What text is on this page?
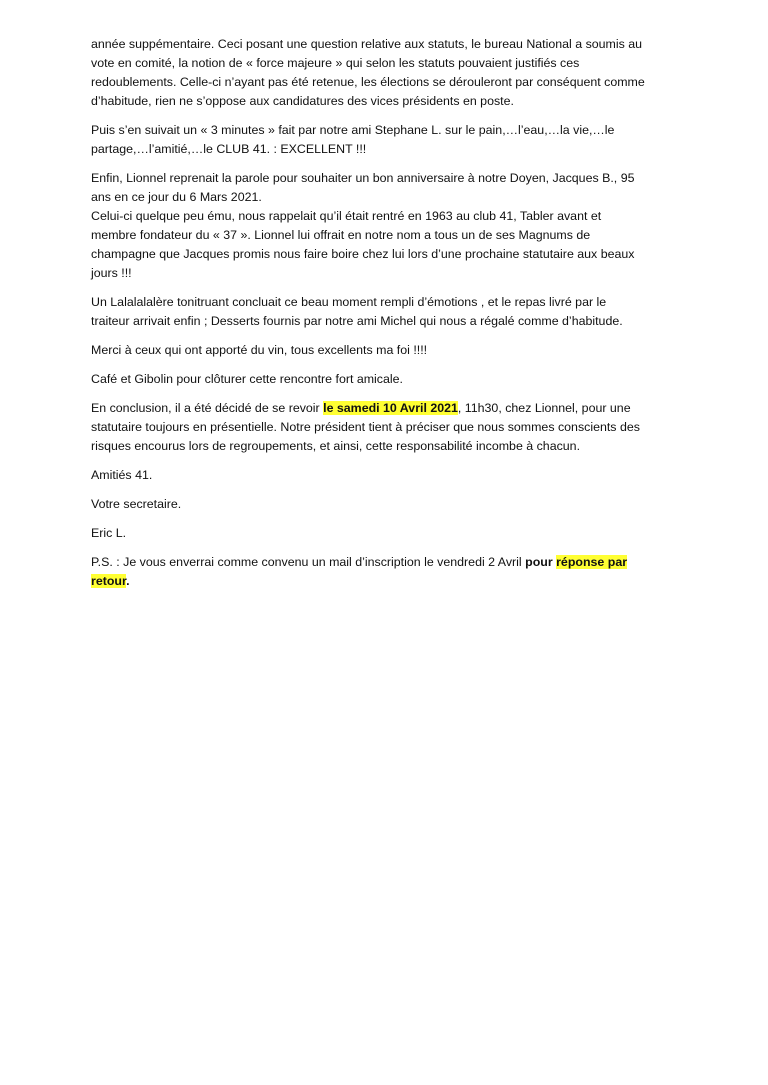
année suppémentaire. Ceci posant une question relative aux statuts, le bureau National a soumis au
vote en comité, la notion de « force majeure » qui selon les statuts pouvaient justifiés ces
redoublements. Celle-ci n’ayant pas été retenue, les élections se dérouleront par conséquent comme
d’habitude, rien ne s’oppose aux candidatures des vices présidents en poste.

Puis s’en suivait un « 3 minutes » fait par notre ami Stephane L. sur le pain,…l’eau,…la vie,…le
partage,…l’amitié,…le CLUB 41. : EXCELLENT !!!

Enfin, Lionnel reprenait la parole pour souhaiter un bon anniversaire à notre Doyen, Jacques B., 95
ans en ce jour du 6 Mars 2021.
Celui-ci quelque peu ému, nous rappelait qu’il était rentré en 1963 au club 41, Tabler avant et
membre fondateur du « 37 ». Lionnel lui offrait en notre nom a tous un de ses Magnums de
champagne que Jacques promis nous faire boire chez lui lors d’une prochaine statutaire aux beaux
jours !!!

Un Lalalalalère tonitruant concluait ce beau moment rempli d’émotions , et le repas livré par le
traiteur arrivait enfin ; Desserts fournis par notre ami Michel qui nous a régalé comme d’habitude.

Merci à ceux qui ont apporté du vin, tous excellents ma foi !!!!

Café et Gibolin pour clôturer cette rencontre fort amicale.

En conclusion, il a été décidé de se revoir le samedi 10 Avril 2021, 11h30, chez Lionnel, pour une
statutaire toujours en présentielle. Notre président tient à préciser que nous sommes conscients des
risques encourus lors de regroupements, et ainsi, cette responsabilité incombe à chacun.

Amitiés 41.

Votre secretaire.

Eric L.

P.S. : Je vous enverrai comme convenu un mail d’inscription le vendredi 2 Avril pour réponse par
retour.
